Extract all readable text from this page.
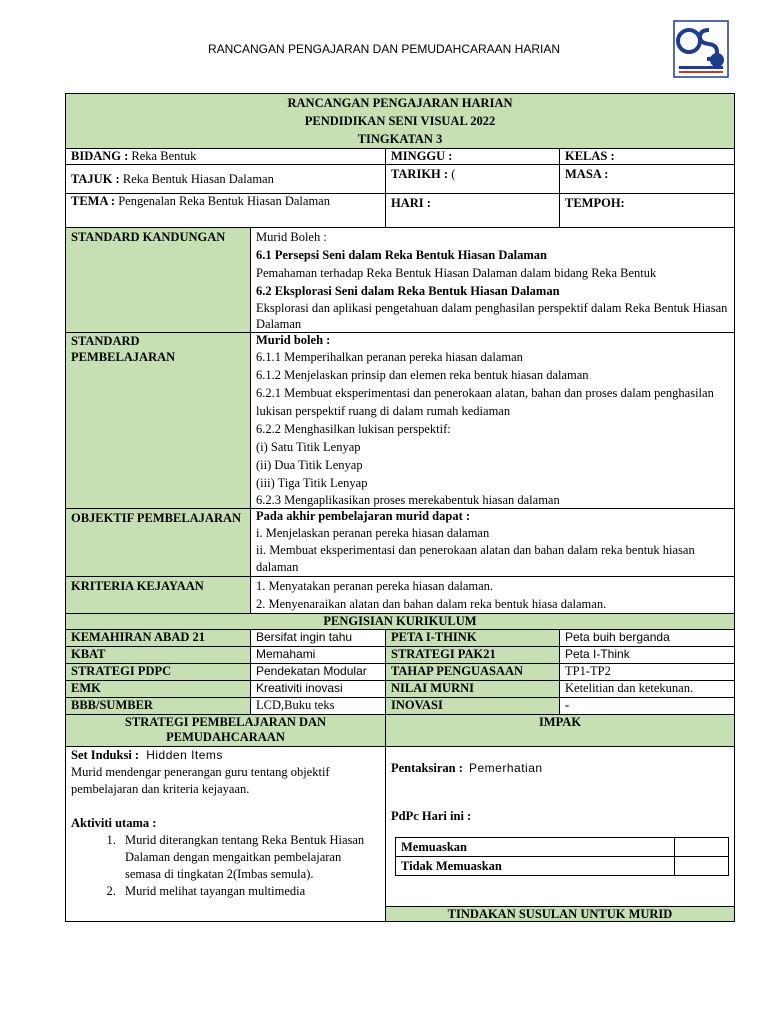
RANCANGAN PENGAJARAN DAN PEMUDAHCARAAN HARIAN
RANCANGAN PENGAJARAN HARIAN
PENDIDIKAN SENI VISUAL 2022
TINGKATAN 3

BIDANG : Reka Bentuk	MINGGU :	KELAS :
TAJUK : Reka Bentuk Hiasan Dalaman	TARIKH : (	MASA :
TEMA : Pengenalan Reka Bentuk Hiasan Dalaman	HARI :	TEMPOH:
STANDARD KANDUNGAN	Murid Boleh :

6.1 Persepsi Seni dalam Reka Bentuk Hiasan Dalaman

Pemahaman terhadap Reka Bentuk Hiasan Dalaman dalam bidang Reka Bentuk

6.2 Eksplorasi Seni dalam Reka Bentuk Hiasan Dalaman

Eksplorasi dan aplikasi pengetahuan dalam penghasilan perspektif dalam Reka Bentuk Hiasan Dalaman

STANDARD PEMBELAJARAN	

Murid boleh :

6.1.1 Memperihalkan peranan pereka hiasan dalaman

6.1.2 Menjelaskan prinsip dan elemen reka bentuk hiasan dalaman

6.2.1 Membuat eksperimentasi dan penerokaan alatan, bahan dan proses dalam penghasilan lukisan perspektif ruang di dalam rumah kediaman

6.2.2 Menghasilkan lukisan perspektif:

(i) Satu Titik Lenyap

(ii) Dua Titik Lenyap

(iii) Tiga Titik Lenyap

6.2.3 Mengaplikasikan proses merekabentuk hiasan dalaman

OBJEKTIF PEMBELAJARAN	Pada akhir pembelajaran murid dapat :

i. Menjelaskan peranan pereka hiasan dalaman

ii. Membuat eksperimentasi dan penerokaan alatan dan bahan dalam reka bentuk hiasan dalaman

KRITERIA KEJAYAAN	1. Menyatakan peranan pereka hiasan dalaman.

2. Menyenaraikan alatan dan bahan dalam reka bentuk hiasa dalaman.

PENGISIAN KURIKULUM
KEMAHIRAN ABAD 21	Bersifat ingin tahu	PETA I-THINK	Peta buih berganda
KBAT	Memahami	STRATEGI PAK21	Peta I-Think
STRATEGI PDPC	Pendekatan Modular	TAHAP PENGUASAAN	TP1-TP2
EMK	Kreativiti inovasi	NILAI MURNI	Ketelitian dan ketekunan.
BBB/SUMBER	LCD,Buku teks	INOVASI	-
STRATEGI PEMBELAJARAN DAN PEMUDAHCARAAN	IMPAK

Set Induksi : Hidden Items

Murid mendengar penerangan guru tentang objektif pembelajaran dan kriteria kejayaan.

Aktiviti utama :

1. Murid diterangkan tentang Reka Bentuk Hiasan Dalaman dengan mengaitkan pembelajaran semasa di tingkatan 2(Imbas semula).
2. Murid melihat tayangan multimedia

Pentaksiran : Pemerhatian
PdPc Hari ini :
Memuaskan	
Tidak Memuaskan	

TINDAKAN SUSULAN UNTUK MURID
